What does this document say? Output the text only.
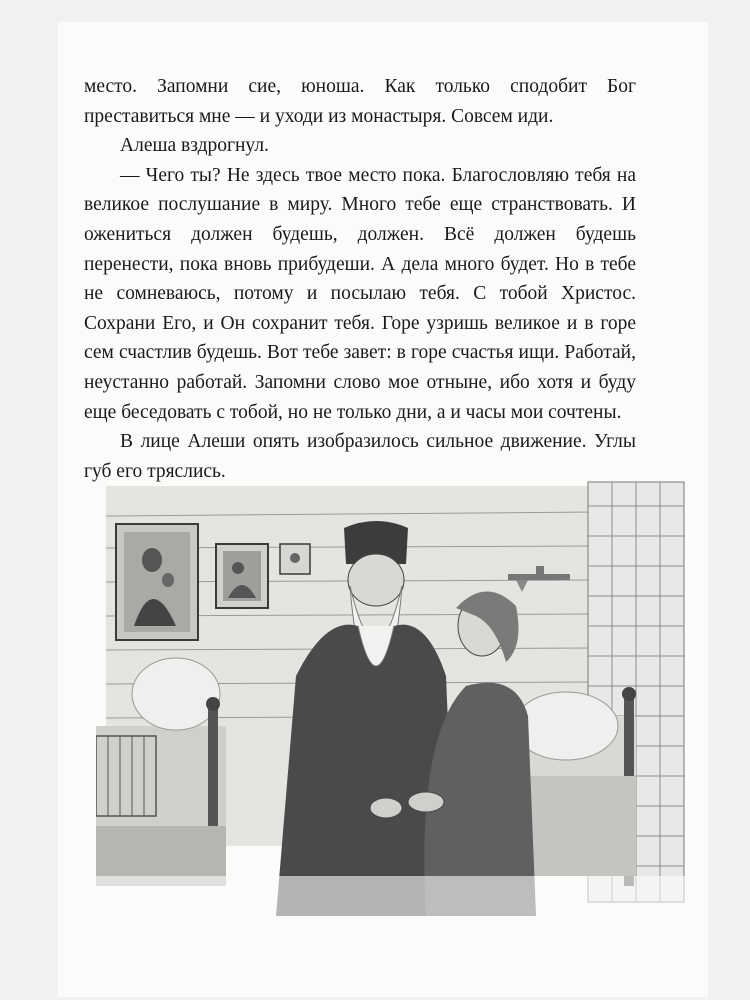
место. Запомни сие, юноша. Как только сподобит Бог преставиться мне — и уходи из монастыря. Совсем иди.

Алеша вздрогнул.

— Чего ты? Не здесь твое место пока. Благословляю тебя на великое послушание в миру. Много тебе еще странствовать. И ожениться должен будешь, должен. Всё должен будешь перенести, пока вновь прибудеши. А дела много будет. Но в тебе не сомневаюсь, потому и посылаю тебя. С тобой Христос. Сохрани Его, и Он сохранит тебя. Горе узришь великое и в горе сем счастлив будешь. Вот тебе завет: в горе счастья ищи. Работай, неустанно работай. Запомни слово мое отныне, ибо хотя и буду еще беседовать с тобой, но не только дни, а и часы мои сочтены.

В лице Алеши опять изобразилось сильное движение. Углы губ его тряслись.
